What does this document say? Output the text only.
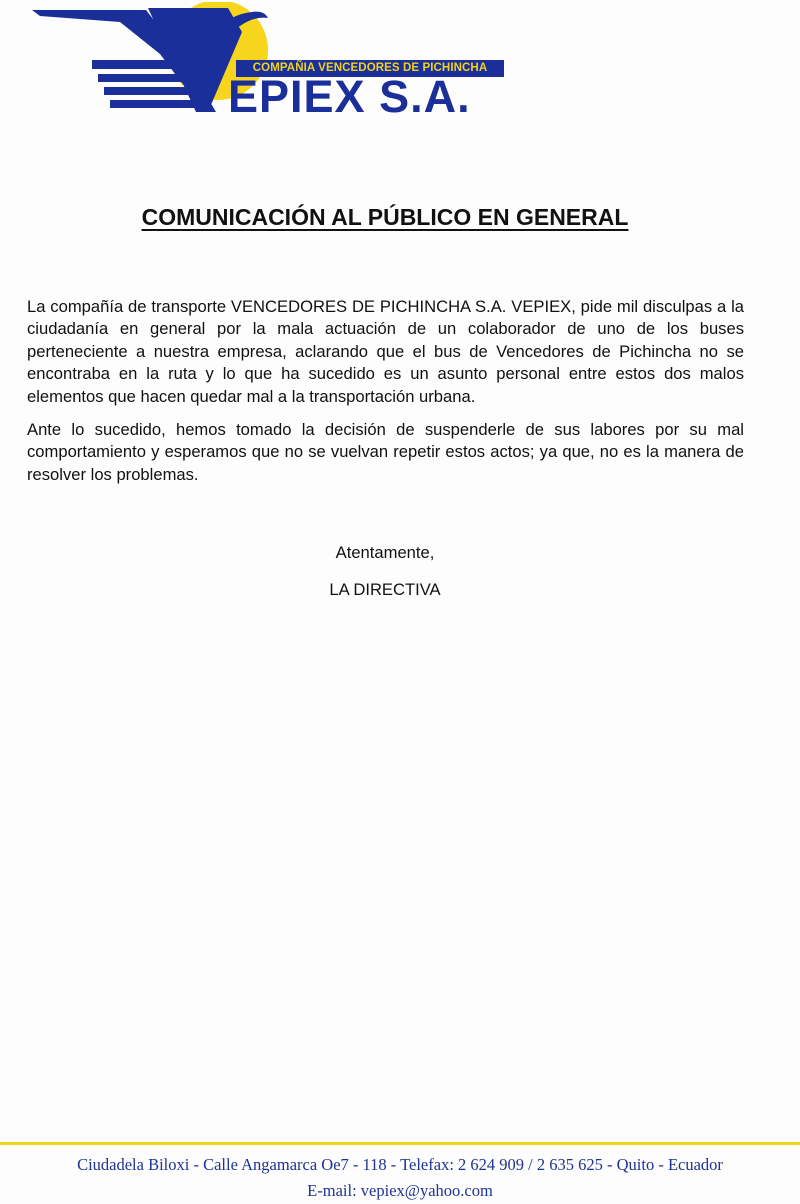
COMPAÑIA VENCEDORES DE PICHINCHA
EPIEX S.A.
COMUNICACIÓN AL PÚBLICO EN GENERAL

La compañía de transporte VENCEDORES DE PICHINCHA S.A. VEPIEX, pide mil disculpas a la ciudadanía en general por la mala actuación de un colaborador de uno de los buses perteneciente a nuestra empresa, aclarando que el bus de Vencedores de Pichincha no se encontraba en la ruta y lo que ha sucedido es un asunto personal entre estos dos malos elementos que hacen quedar mal a la transportación urbana.

Ante lo sucedido, hemos tomado la decisión de suspenderle de sus labores por su mal comportamiento y esperamos que no se vuelvan repetir estos actos; ya que, no es la manera de resolver los problemas.

Atentamente,

LA DIRECTIVA

Ciudadela Biloxi - Calle Angamarca Oe7 - 118 - Telefax: 2 624 909 / 2 635 625 - Quito - Ecuador

E-mail: vepiex@yahoo.com
